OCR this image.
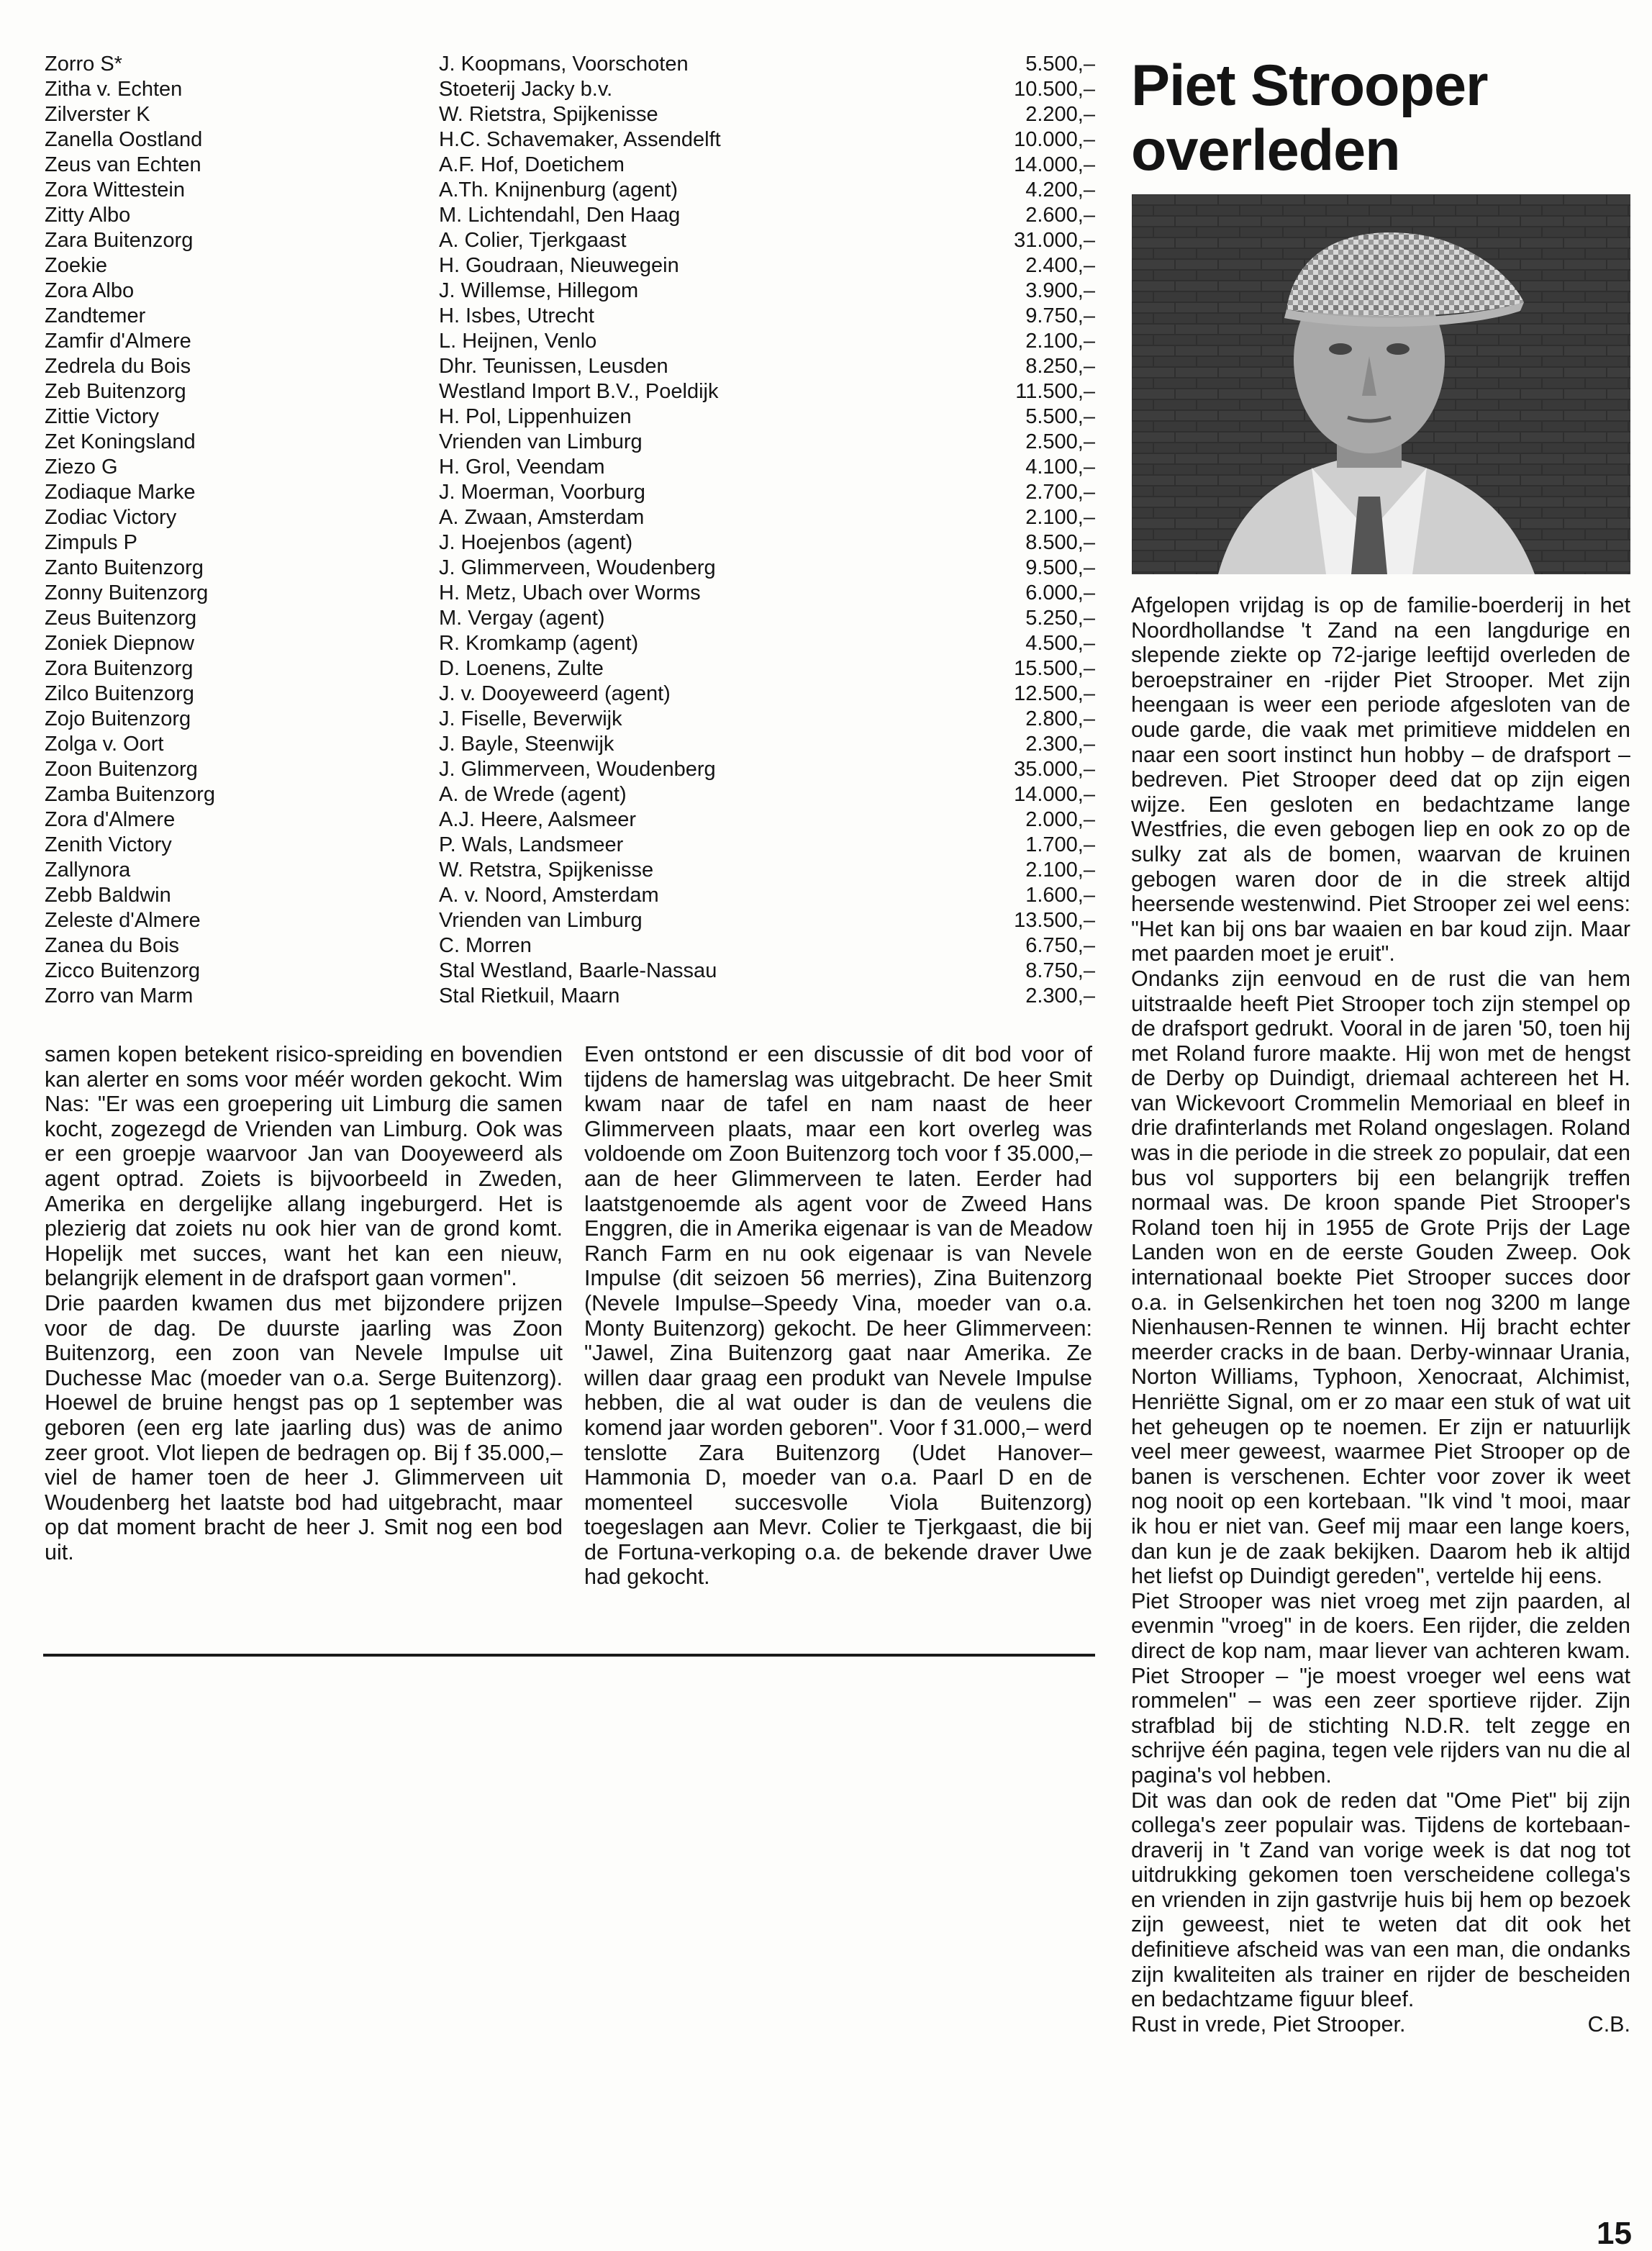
Zorro S*	J. Koopmans, Voorschoten	5.500,–
Zitha v. Echten	Stoeterij Jacky b.v.	10.500,–
Zilverster K	W. Rietstra, Spijkenisse	2.200,–
Zanella Oostland	H.C. Schavemaker, Assendelft	10.000,–
Zeus van Echten	A.F. Hof, Doetichem	14.000,–
Zora Wittestein	A.Th. Knijnenburg (agent)	4.200,–
Zitty Albo	M. Lichtendahl, Den Haag	2.600,–
Zara Buitenzorg	A. Colier, Tjerkgaast	31.000,–
Zoekie	H. Goudraan, Nieuwegein	2.400,–
Zora Albo	J. Willemse, Hillegom	3.900,–
Zandtemer	H. Isbes, Utrecht	9.750,–
Zamfir d'Almere	L. Heijnen, Venlo	2.100,–
Zedrela du Bois	Dhr. Teunissen, Leusden	8.250,–
Zeb Buitenzorg	Westland Import B.V., Poeldijk	11.500,–
Zittie Victory	H. Pol, Lippenhuizen	5.500,–
Zet Koningsland	Vrienden van Limburg	2.500,–
Ziezo G	H. Grol, Veendam	4.100,–
Zodiaque Marke	J. Moerman, Voorburg	2.700,–
Zodiac Victory	A. Zwaan, Amsterdam	2.100,–
Zimpuls P	J. Hoejenbos (agent)	8.500,–
Zanto Buitenzorg	J. Glimmerveen, Woudenberg	9.500,–
Zonny Buitenzorg	H. Metz, Ubach over Worms	6.000,–
Zeus Buitenzorg	M. Vergay (agent)	5.250,–
Zoniek Diepnow	R. Kromkamp (agent)	4.500,–
Zora Buitenzorg	D. Loenens, Zulte	15.500,–
Zilco Buitenzorg	J. v. Dooyeweerd (agent)	12.500,–
Zojo Buitenzorg	J. Fiselle, Beverwijk	2.800,–
Zolga v. Oort	J. Bayle, Steenwijk	2.300,–
Zoon Buitenzorg	J. Glimmerveen, Woudenberg	35.000,–
Zamba Buitenzorg	A. de Wrede (agent)	14.000,–
Zora d'Almere	A.J. Heere, Aalsmeer	2.000,–
Zenith Victory	P. Wals, Landsmeer	1.700,–
Zallynora	W. Retstra, Spijkenisse	2.100,–
Zebb Baldwin	A. v. Noord, Amsterdam	1.600,–
Zeleste d'Almere	Vrienden van Limburg	13.500,–
Zanea du Bois	C. Morren	6.750,–
Zicco Buitenzorg	Stal Westland, Baarle-Nassau	8.750,–
Zorro van Marm	Stal Rietkuil, Maarn	2.300,–

samen kopen betekent risico-spreiding en bovendien kan alerter en soms voor méér worden gekocht. Wim Nas: "Er was een groepering uit Limburg die samen kocht, zogezegd de Vrienden van Limburg. Ook was er een groepje waarvoor Jan van Dooyeweerd als agent optrad. Zoiets is bijvoorbeeld in Zweden, Amerika en dergelijke allang ingeburgerd. Het is plezierig dat zoiets nu ook hier van de grond komt. Hopelijk met succes, want het kan een nieuw, belangrijk element in de drafsport gaan vormen".

Drie paarden kwamen dus met bijzondere prijzen voor de dag. De duurste jaarling was Zoon Buitenzorg, een zoon van Nevele Impulse uit Duchesse Mac (moeder van o.a. Serge Buitenzorg). Hoewel de bruine hengst pas op 1 september was geboren (een erg late jaarling dus) was de animo zeer groot. Vlot liepen de bedragen op. Bij f 35.000,– viel de hamer toen de heer J. Glimmerveen uit Woudenberg het laatste bod had uitgebracht, maar op dat moment bracht de heer J. Smit nog een bod uit.

Even ontstond er een discussie of dit bod voor of tijdens de hamerslag was uitgebracht. De heer Smit kwam naar de tafel en nam naast de heer Glimmerveen plaats, maar een kort overleg was voldoende om Zoon Buitenzorg toch voor f 35.000,– aan de heer Glimmerveen te laten. Eerder had laatstgenoemde als agent voor de Zweed Hans Enggren, die in Amerika eigenaar is van de Meadow Ranch Farm en nu ook eigenaar is van Nevele Impulse (dit seizoen 56 merries), Zina Buitenzorg (Nevele Impulse–Speedy Vina, moeder van o.a. Monty Buitenzorg) gekocht. De heer Glimmerveen: "Jawel, Zina Buitenzorg gaat naar Amerika. Ze willen daar graag een produkt van Nevele Impulse hebben, die al wat ouder is dan de veulens die komend jaar worden geboren". Voor f 31.000,– werd tenslotte Zara Buitenzorg (Udet Hanover–Hammonia D, moeder van o.a. Paarl D en de momenteel succesvolle Viola Buitenzorg) toegeslagen aan Mevr. Colier te Tjerkgaast, die bij de Fortuna-verkoping o.a. de bekende draver Uwe had gekocht.

Piet Strooper overleden

Afgelopen vrijdag is op de familie-boerderij in het Noordhollandse 't Zand na een langdurige en slepende ziekte op 72-jarige leeftijd overleden de beroepstrainer en -rijder Piet Strooper. Met zijn heengaan is weer een periode afgesloten van de oude garde, die vaak met primitieve middelen en naar een soort instinct hun hobby – de drafsport – bedreven. Piet Strooper deed dat op zijn eigen wijze. Een gesloten en bedachtzame lange Westfries, die even gebogen liep en ook zo op de sulky zat als de bomen, waarvan de kruinen gebogen waren door de in die streek altijd heersende westenwind. Piet Strooper zei wel eens: "Het kan bij ons bar waaien en bar koud zijn. Maar met paarden moet je eruit".

Ondanks zijn eenvoud en de rust die van hem uitstraalde heeft Piet Strooper toch zijn stempel op de drafsport gedrukt. Vooral in de jaren '50, toen hij met Roland furore maakte. Hij won met de hengst de Derby op Duindigt, driemaal achtereen het H. van Wickevoort Crommelin Memoriaal en bleef in drie drafinterlands met Roland ongeslagen. Roland was in die periode in die streek zo populair, dat een bus vol supporters bij een belangrijk treffen normaal was. De kroon spande Piet Strooper's Roland toen hij in 1955 de Grote Prijs der Lage Landen won en de eerste Gouden Zweep. Ook internationaal boekte Piet Strooper succes door o.a. in Gelsenkirchen het toen nog 3200 m lange Nienhausen-Rennen te winnen. Hij bracht echter meerder cracks in de baan. Derby-winnaar Urania, Norton Williams, Typhoon, Xenocraat, Alchimist, Henriëtte Signal, om er zo maar een stuk of wat uit het geheugen op te noemen. Er zijn er natuurlijk veel meer geweest, waarmee Piet Strooper op de banen is verschenen. Echter voor zover ik weet nog nooit op een kortebaan. "Ik vind 't mooi, maar ik hou er niet van. Geef mij maar een lange koers, dan kun je de zaak bekijken. Daarom heb ik altijd het liefst op Duindigt gereden", vertelde hij eens.

Piet Strooper was niet vroeg met zijn paarden, al evenmin "vroeg" in de koers. Een rijder, die zelden direct de kop nam, maar liever van achteren kwam. Piet Strooper – "je moest vroeger wel eens wat rommelen" – was een zeer sportieve rijder. Zijn strafblad bij de stichting N.D.R. telt zegge en schrijve één pagina, tegen vele rijders van nu die al pagina's vol hebben.

Dit was dan ook de reden dat "Ome Piet" bij zijn collega's zeer populair was. Tijdens de kortebaan-draverij in 't Zand van vorige week is dat nog tot uitdrukking gekomen toen verscheidene collega's en vrienden in zijn gastvrije huis bij hem op bezoek zijn geweest, niet te weten dat dit ook het definitieve afscheid was van een man, die ondanks zijn kwaliteiten als trainer en rijder de bescheiden en bedachtzame figuur bleef.

Rust in vrede, Piet Strooper.	C.B.
15
